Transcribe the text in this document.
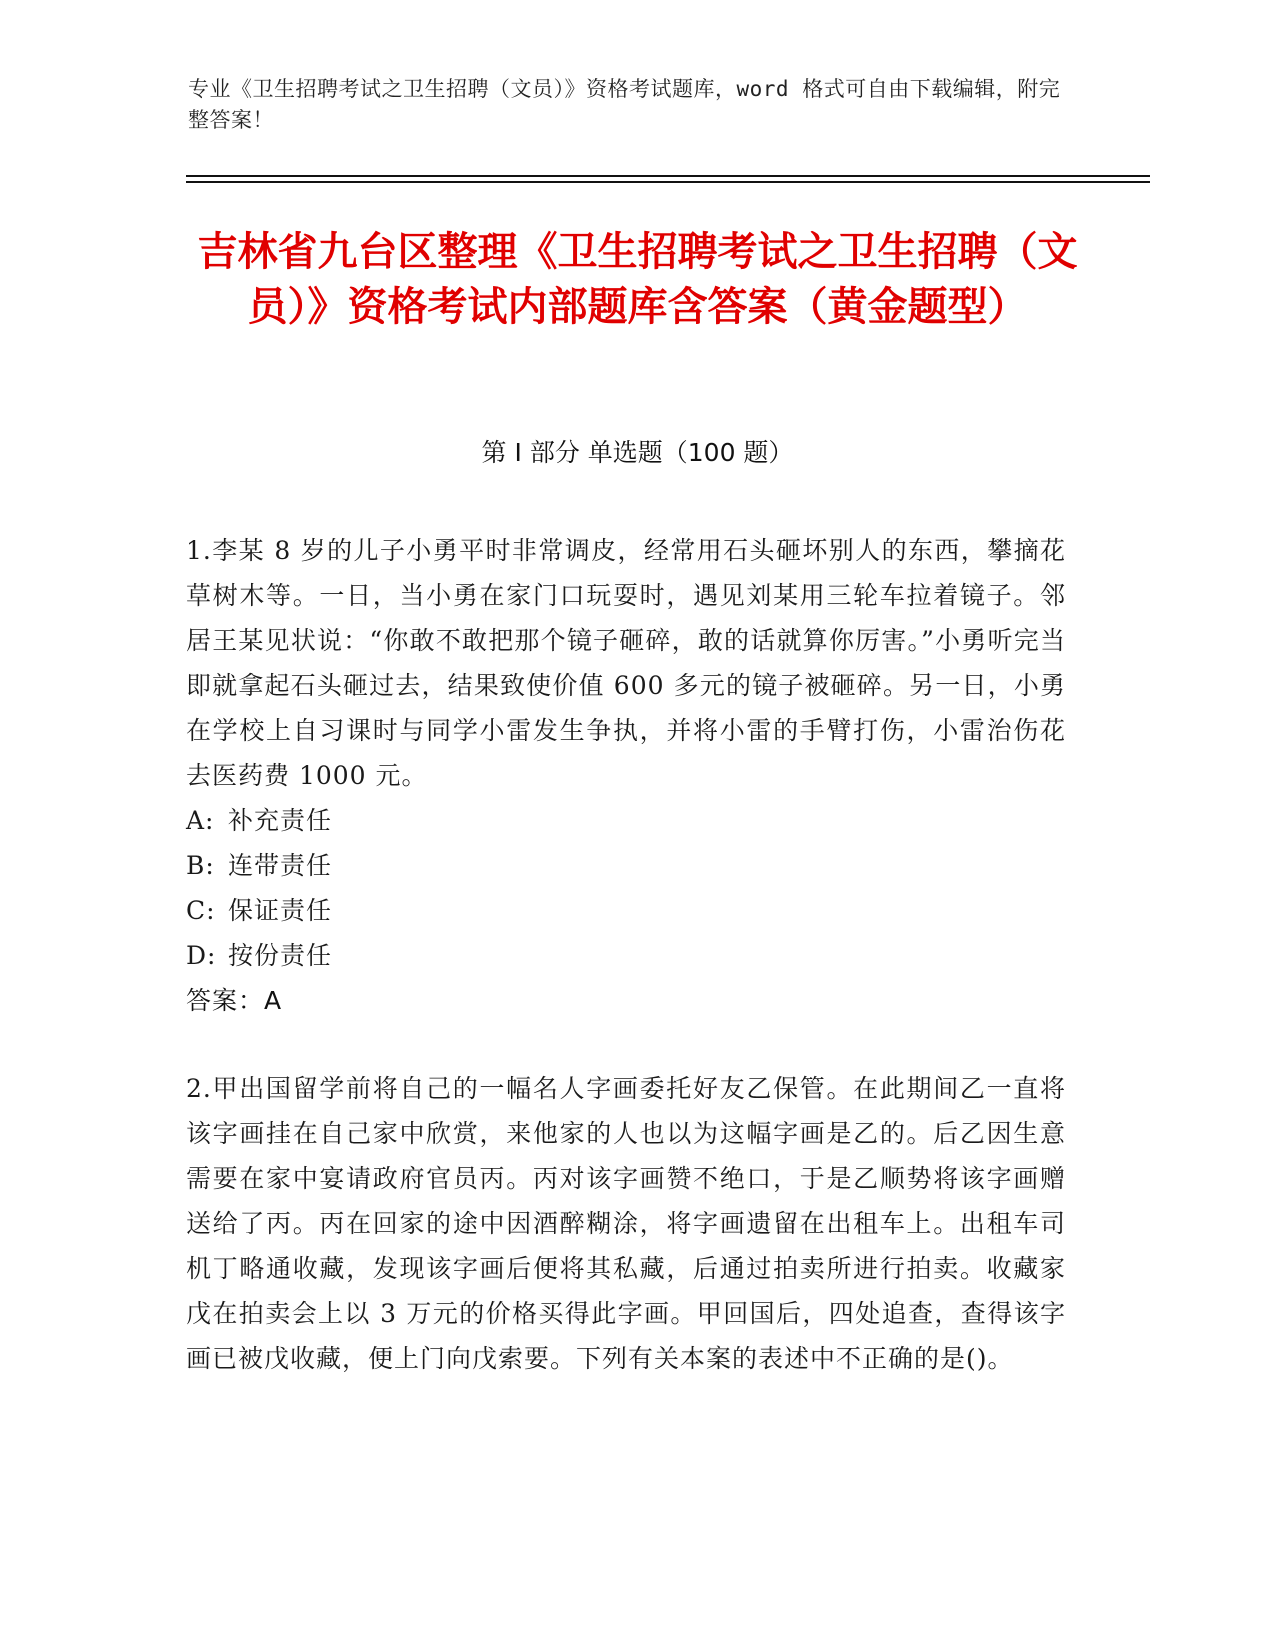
专业《卫生招聘考试之卫生招聘（文员）》资格考试题库，word 格式可自由下载编辑，附完整答案！
吉林省九台区整理《卫生招聘考试之卫生招聘（文员）》资格考试内部题库含答案（黄金题型）
第 I 部分 单选题（100 题）

1.李某 8 岁的儿子小勇平时非常调皮，经常用石头砸坏别人的东西，攀摘花草树木等。一日，当小勇在家门口玩耍时，遇见刘某用三轮车拉着镜子。邻居王某见状说：“你敢不敢把那个镜子砸碎，敢的话就算你厉害。”小勇听完当即就拿起石头砸过去，结果致使价值 600 多元的镜子被砸碎。另一日，小勇在学校上自习课时与同学小雷发生争执，并将小雷的手臂打伤，小雷治伤花去医药费 1000 元。

A: 补充责任

B: 连带责任

C: 保证责任

D: 按份责任

答案：A

2.甲出国留学前将自己的一幅名人字画委托好友乙保管。在此期间乙一直将该字画挂在自己家中欣赏，来他家的人也以为这幅字画是乙的。后乙因生意需要在家中宴请政府官员丙。丙对该字画赞不绝口，于是乙顺势将该字画赠送给了丙。丙在回家的途中因酒醉糊涂，将字画遗留在出租车上。出租车司机丁略通收藏，发现该字画后便将其私藏，后通过拍卖所进行拍卖。收藏家戊在拍卖会上以 3 万元的价格买得此字画。甲回国后，四处追查，查得该字画已被戊收藏，便上门向戊索要。下列有关本案的表述中不正确的是()。
